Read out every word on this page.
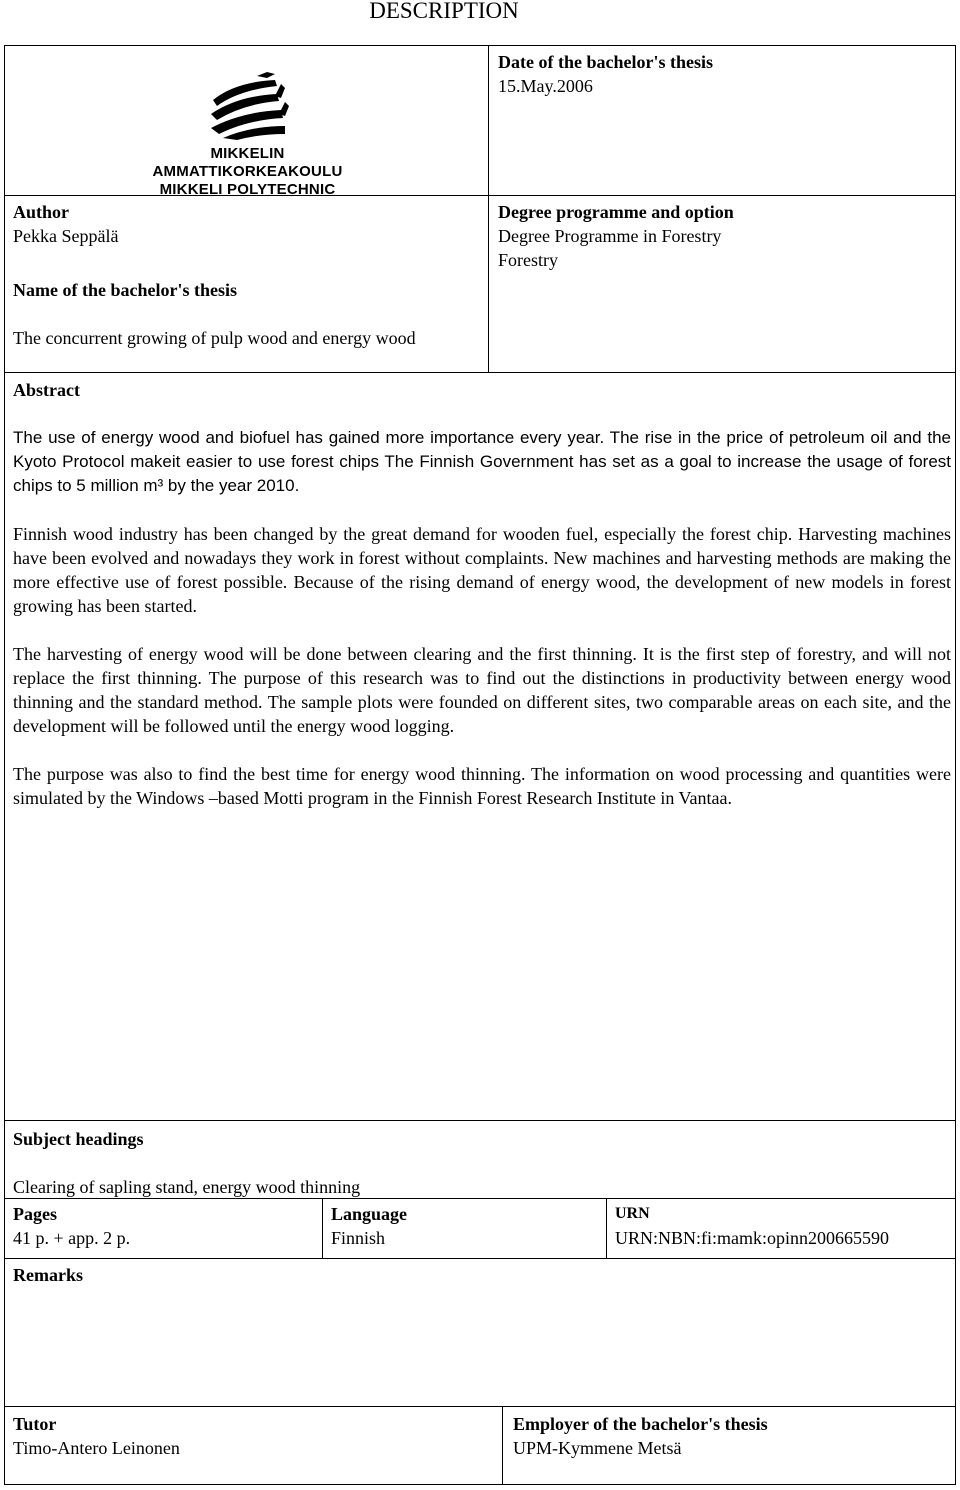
DESCRIPTION
MIKKELIN AMMATTIKORKEAKOULU
MIKKELI POLYTECHNIC
Date of the bachelor's thesis
15.May.2006
Author
Pekka Seppälä
Degree programme and option
Degree Programme in Forestry
Forestry
Name of the bachelor's thesis
The concurrent growing of pulp wood and energy wood
Abstract

The use of energy wood and biofuel has gained more importance every year. The rise in the price of petroleum oil and the Kyoto Protocol makeit easier to use forest chips The Finnish Government has set as a goal to increase the usage of forest chips to 5 million m³ by the year 2010.

Finnish wood industry has been changed by the great demand for wooden fuel, especially the forest chip. Harvesting machines have been evolved and nowadays they work in forest without complaints. New machines and harvesting methods are making the more effective use of forest possible. Because of the rising demand of energy wood, the development of new models in forest growing has been started.

The harvesting of energy wood will be done between clearing and the first thinning. It is the first step of forestry, and will not replace the first thinning. The purpose of this research was to find out the distinctions in productivity between energy wood thinning and the standard method. The sample plots were founded on different sites, two comparable areas on each site, and the development will be followed until the energy wood logging.

The purpose was also to find the best time for energy wood thinning. The information on wood processing and quantities were simulated by the Windows –based Motti program in the Finnish Forest Research Institute in Vantaa.

Subject headings
Clearing of sapling stand, energy wood thinning
Pages
41 p. + app. 2 p.
Language
Finnish
URN
URN:NBN:fi:mamk:opinn200665590
Remarks
Tutor
Timo-Antero Leinonen
Employer of the bachelor's thesis
UPM-Kymmene Metsä
